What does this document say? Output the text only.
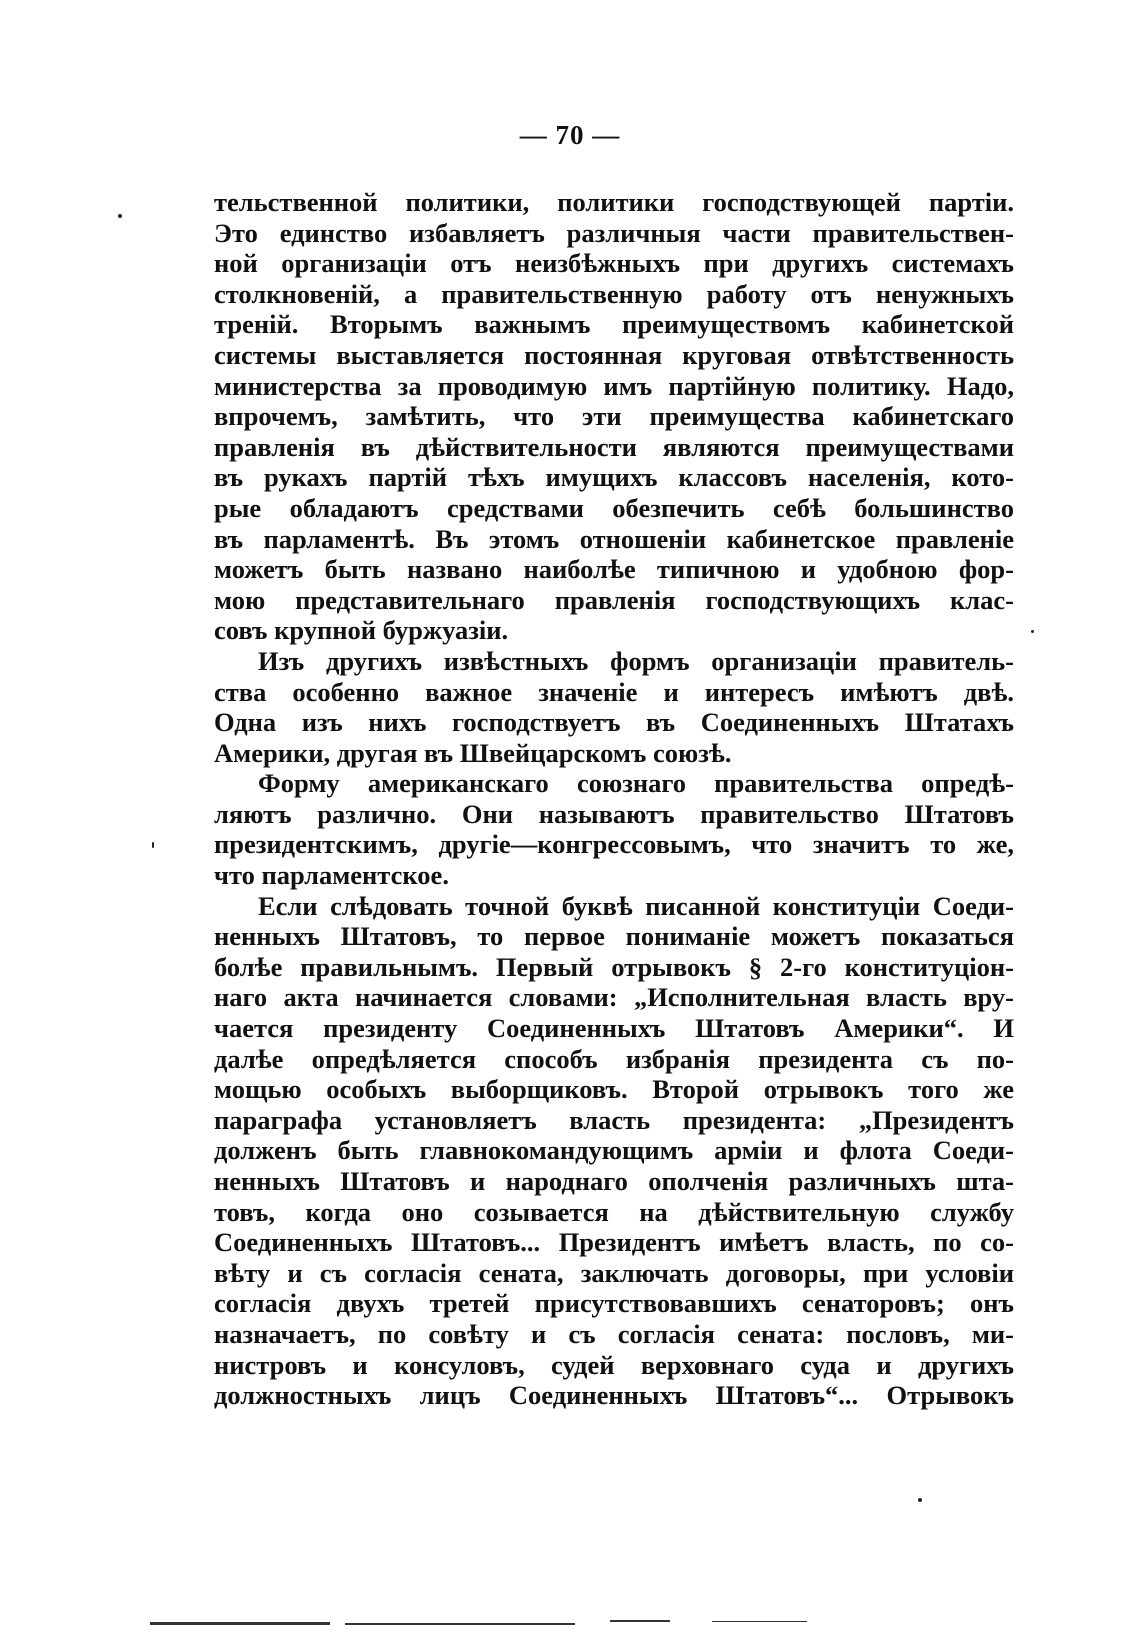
— 70 —
тельственной политики, политики господствующей партіи.
Это единство избавляетъ различныя части правительствен-
ной организаціи отъ неизбѣжныхъ при другихъ системахъ
столкновеній, а правительственную работу отъ ненужныхъ
треній. Вторымъ важнымъ преимуществомъ кабинетской
системы выставляется постоянная круговая отвѣтственность
министерства за проводимую имъ партійную политику. Надо,
впрочемъ, замѣтить, что эти преимущества кабинетскаго
правленія въ дѣйствительности являются преимуществами
въ рукахъ партій тѣхъ имущихъ классовъ населенія, кото-
рые обладаютъ средствами обезпечить себѣ большинство
въ парламентѣ. Въ этомъ отношеніи кабинетское правленіе
можетъ быть названо наиболѣе типичною и удобною фор-
мою представительнаго правленія господствующихъ клас-
совъ крупной буржуазіи.
Изъ другихъ извѣстныхъ формъ организаціи правитель-
ства особенно важное значеніе и интересъ имѣютъ двѣ.
Одна изъ нихъ господствуетъ въ Соединенныхъ Штатахъ
Америки, другая въ Швейцарскомъ союзѣ.
Форму американскаго союзнаго правительства опредѣ-
ляютъ различно. Они называютъ правительство Штатовъ
президентскимъ, другіе—конгрессовымъ, что значитъ то же,
что парламентское.
Если слѣдовать точной буквѣ писанной конституціи Соеди-
ненныхъ Штатовъ, то первое пониманіе можетъ показаться
болѣе правильнымъ. Первый отрывокъ § 2-го конституціон-
наго акта начинается словами: „Исполнительная власть вру-
чается президенту Соединенныхъ Штатовъ Америки“. И
далѣе опредѣляется способъ избранія президента съ по-
мощью особыхъ выборщиковъ. Второй отрывокъ того же
параграфа установляетъ власть президента: „Президентъ
долженъ быть главнокомандующимъ арміи и флота Соеди-
ненныхъ Штатовъ и народнаго ополченія различныхъ шта-
товъ, когда оно созывается на дѣйствительную службу
Соединенныхъ Штатовъ... Президентъ имѣетъ власть, по со-
вѣту и съ согласія сената, заключать договоры, при условіи
согласія двухъ третей присутствовавшихъ сенаторовъ; онъ
назначаетъ, по совѣту и съ согласія сената: пословъ, ми-
нистровъ и консуловъ, судей верховнаго суда и другихъ
должностныхъ лицъ Соединенныхъ Штатовъ“... Отрывокъ
